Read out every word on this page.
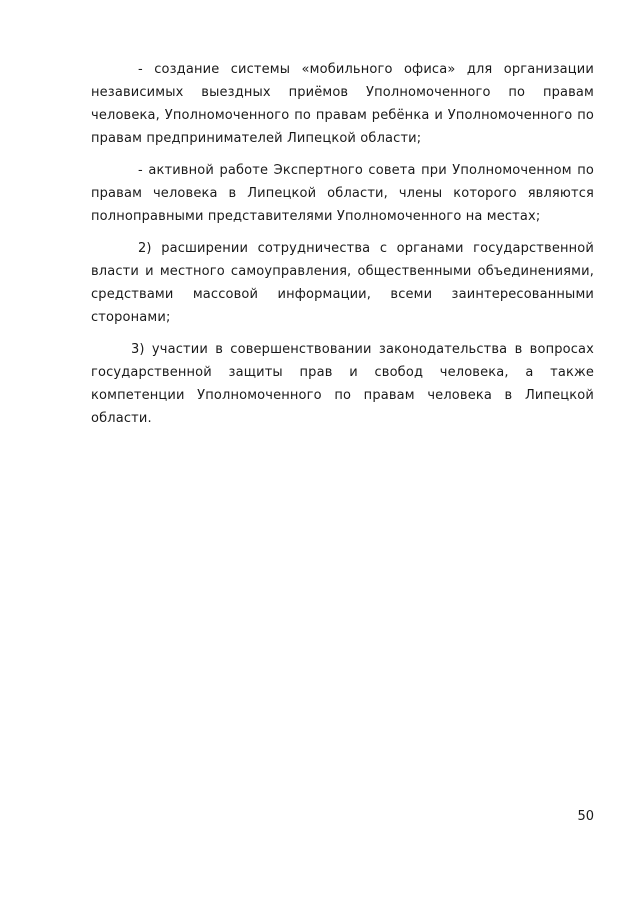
- создание системы «мобильного офиса» для организации независимых выездных приёмов Уполномоченного по правам человека, Уполномоченного по правам ребёнка и Уполномоченного по правам предпринимателей Липецкой области;

- активной работе Экспертного совета при Уполномоченном по правам человека в Липецкой области, члены которого являются полноправными представителями Уполномоченного на местах;

2) расширении сотрудничества с органами государственной власти и местного самоуправления, общественными объединениями, средствами массовой информации, всеми заинтересованными сторонами;

3) участии в совершенствовании законодательства в вопросах государственной защиты прав и свобод человека, а также компетенции Уполномоченного по правам человека в Липецкой области.

50
